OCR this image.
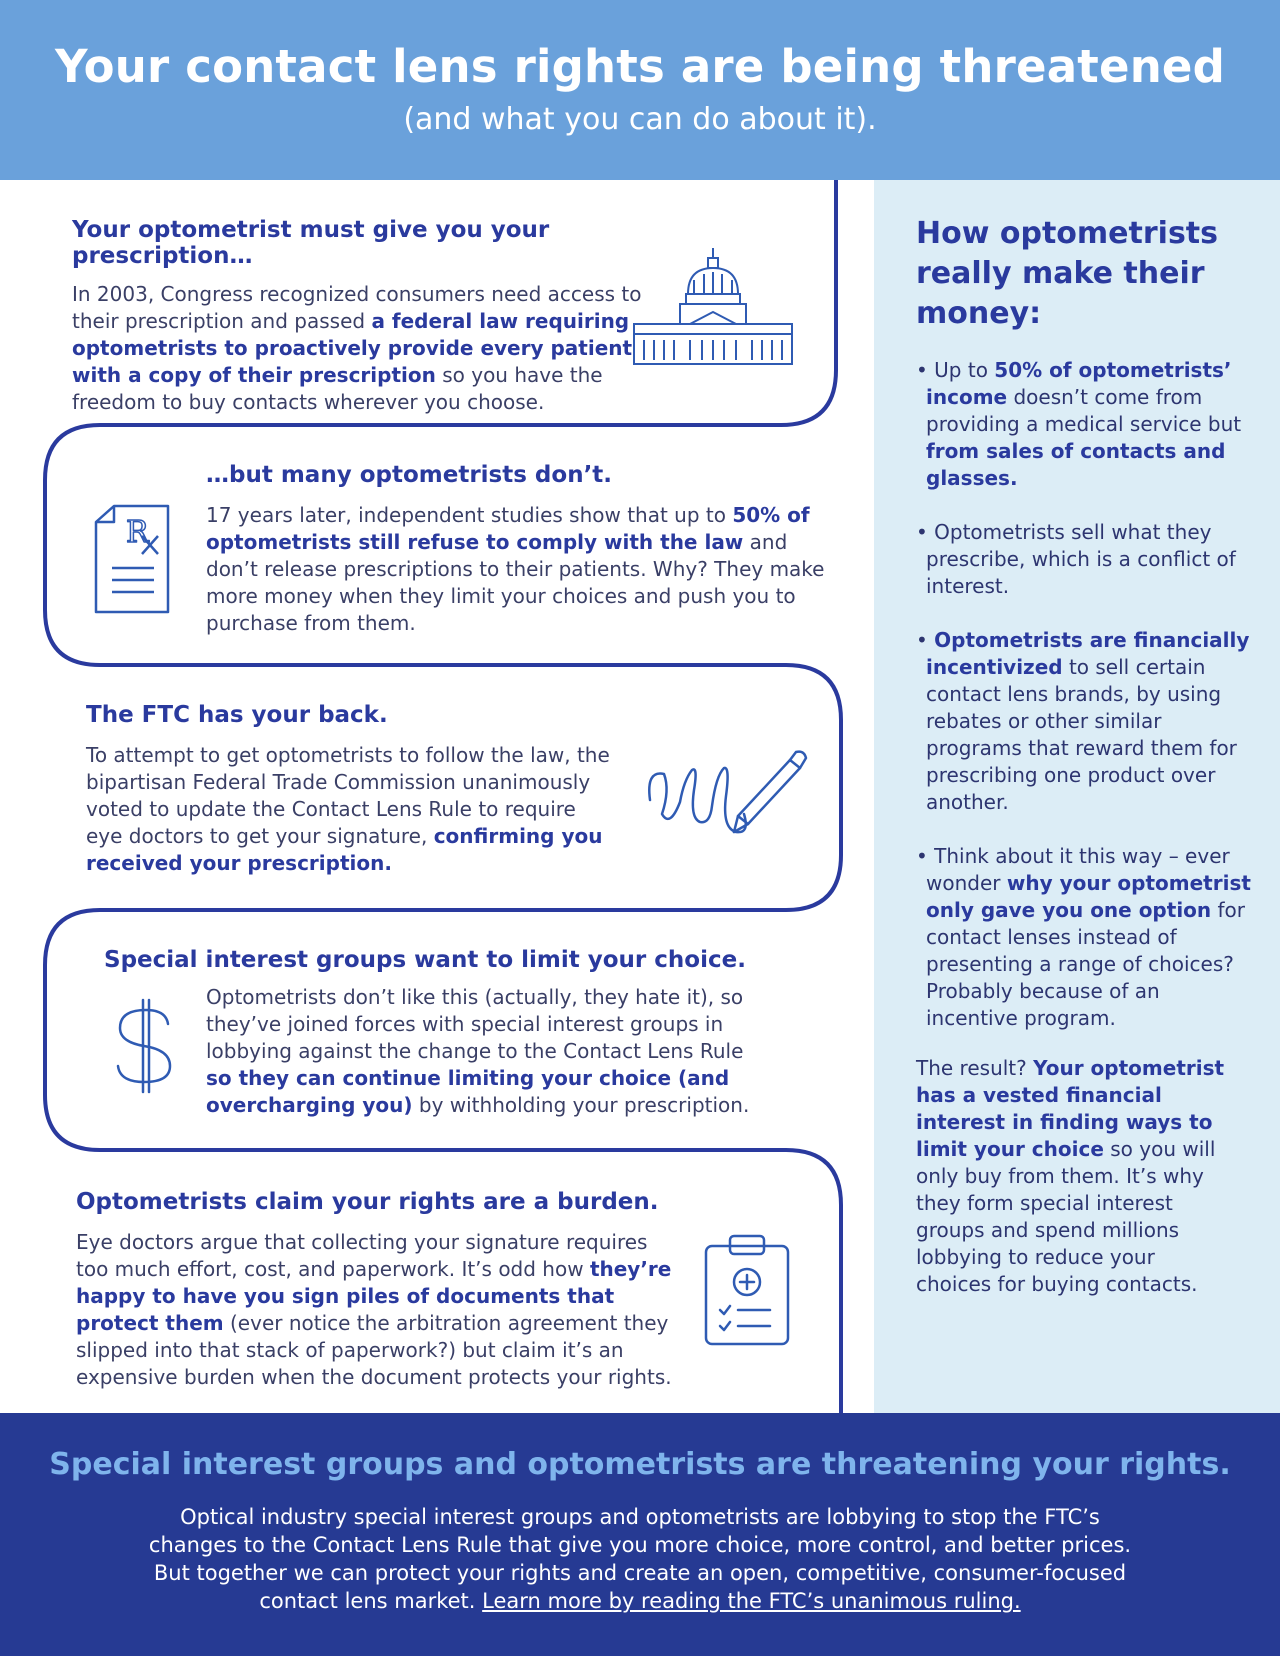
Your contact lens rights are being threatened
(and what you can do about it).
Your optometrist must give you your prescription…

In 2003, Congress recognized consumers need access to their prescription and passed a federal law requiring optometrists to proactively provide every patient with a copy of their prescription so you have the freedom to buy contacts wherever you choose.

R
…but many optometrists don’t.

17 years later, independent studies show that up to 50% of optometrists still refuse to comply with the law and don’t release prescriptions to their patients. Why? They make more money when they limit your choices and push you to purchase from them.

The FTC has your back.

To attempt to get optometrists to follow the law, the bipartisan Federal Trade Commission unanimously voted to update the Contact Lens Rule to require eye doctors to get your signature, confirming you received your prescription.

Special interest groups want to limit your choice.

Optometrists don’t like this (actually, they hate it), so they’ve joined forces with special interest groups in lobbying against the change to the Contact Lens Rule so they can continue limiting your choice (and overcharging you) by withholding your prescription.

Optometrists claim your rights are a burden.

Eye doctors argue that collecting your signature requires too much effort, cost, and paperwork. It’s odd how they’re happy to have you sign piles of documents that protect them (ever notice the arbitration agreement they slipped into that stack of paperwork?) but claim it’s an expensive burden when the document protects your rights.

How optometrists really make their money:
• Up to 50% of optometrists’ income doesn’t come from providing a medical service but from sales of contacts and glasses.
• Optometrists sell what they prescribe, which is a conflict of interest.
• Optometrists are financially incentivized to sell certain contact lens brands, by using rebates or other similar programs that reward them for prescribing one product over another.
• Think about it this way – ever wonder why your optometrist only gave you one option for contact lenses instead of presenting a range of choices? Probably because of an incentive program.

The result? Your optometrist has a vested financial interest in finding ways to limit your choice so you will only buy from them. It’s why they form special interest groups and spend millions lobbying to reduce your choices for buying contacts.

Special interest groups and optometrists are threatening your rights.

Optical industry special interest groups and optometrists are lobbying to stop the FTC’s changes to the Contact Lens Rule that give you more choice, more control, and better prices. But together we can protect your rights and create an open, competitive, consumer-focused contact lens market. Learn more by reading the FTC’s unanimous ruling.
